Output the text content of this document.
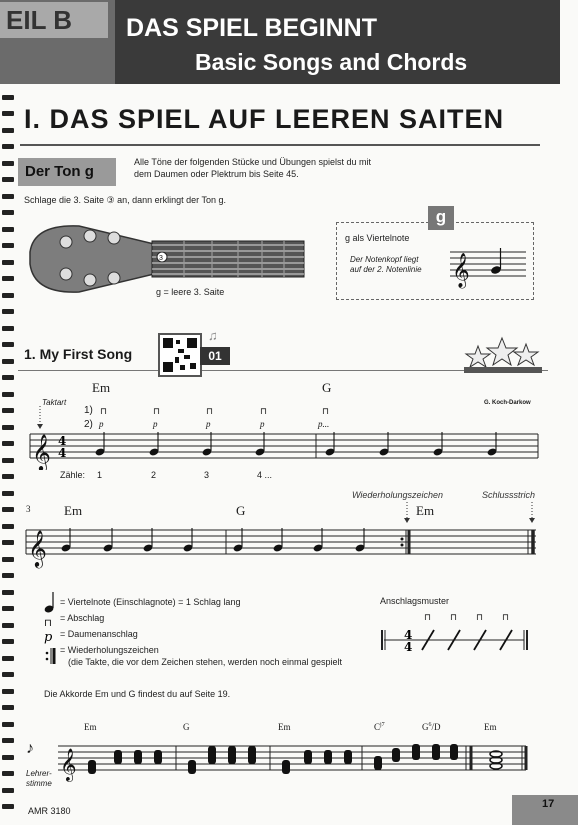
EIL B	DAS SPIEL BEGINNT
Basic Songs and Chords
I. DAS SPIEL AUF LEEREN SAITEN
Der Ton g
Alle Töne der folgenden Stücke und Übungen spielst du mit
dem Daumen oder Plektrum bis Seite 45.
Schlage die 3. Saite ③ an, dann erklingt der Ton g.
3
g = leere 3. Saite
g
g als Viertelnote
Der Notenkopf liegt
auf der 2. Notenlinie 𝄞
1. My First Song	01
♫
Em	G
Taktart	G. Koch-Darkow
1)
2)
⊓	⊓	⊓	⊓	⊓
𝄞 4
4
p	p	p	p	p...
Zähle: 1	2	3	4 ...
3	Em	G	Em
Wiederholungszeichen	Schlussstrich
𝄞
⊓
p
= Viertelnote (Einschlagnote) = 1 Schlag lang
= Abschlag
= Daumenanschlag
= Wiederholungszeichen
(die Takte, die vor dem Zeichen stehen, werden noch einmal gespielt
Anschlagsmuster
⊓ ⊓ ⊓ ⊓
4
4
Die Akkorde Em und G findest du auf Seite 19.
Em	G	Em	$C^{j7}$	$G^6/D$	Em
♪
Lehrer-
stimme
𝄞
17
AMR 3180
